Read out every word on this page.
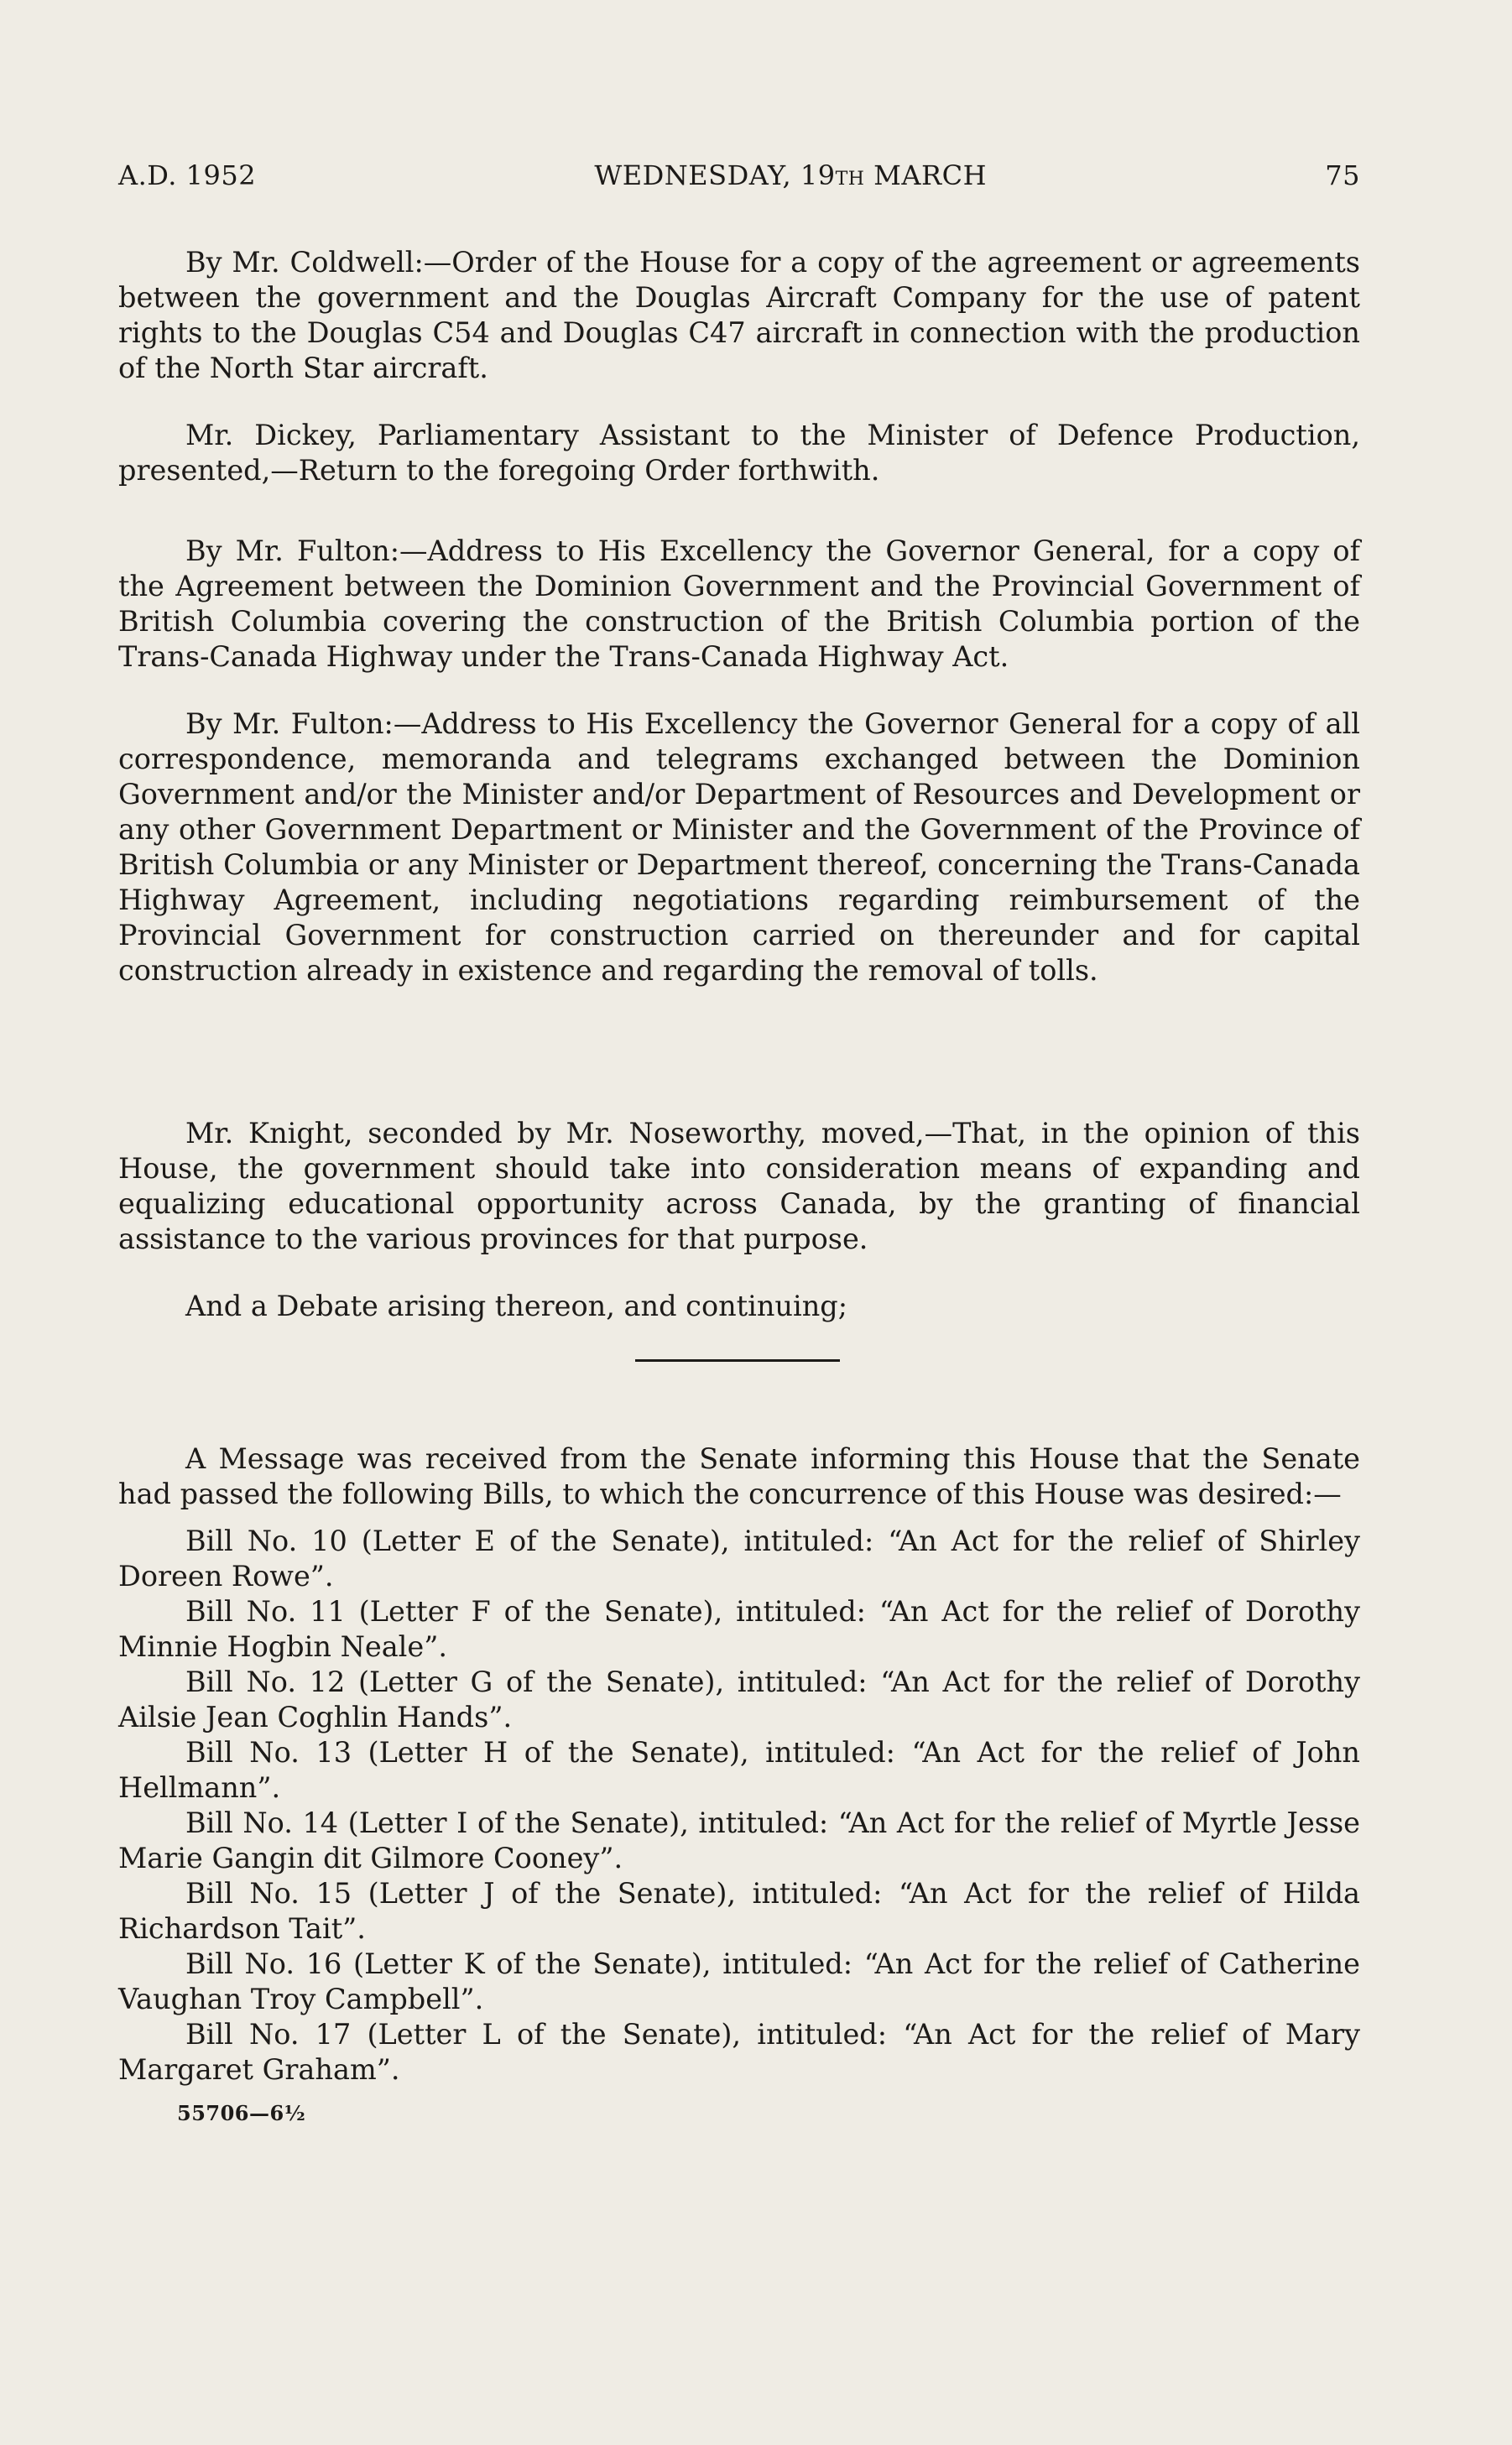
A.D. 1952	WEDNESDAY, 19TH MARCH	75

By Mr. Coldwell:—Order of the House for a copy of the agreement or agreements between the government and the Douglas Aircraft Company for the use of patent rights to the Douglas C54 and Douglas C47 aircraft in connection with the production of the North Star aircraft.

Mr. Dickey, Parliamentary Assistant to the Minister of Defence Production, presented,—Return to the foregoing Order forthwith.

By Mr. Fulton:—Address to His Excellency the Governor General, for a copy of the Agreement between the Dominion Government and the Provincial Government of British Columbia covering the construction of the British Columbia portion of the Trans-Canada Highway under the Trans-Canada Highway Act.

By Mr. Fulton:—Address to His Excellency the Governor General for a copy of all correspondence, memoranda and telegrams exchanged between the Dominion Government and/or the Minister and/or Department of Resources and Development or any other Government Department or Minister and the Government of the Province of British Columbia or any Minister or Department thereof, concerning the Trans-Canada Highway Agreement, including negotiations regarding reimbursement of the Provincial Government for construction carried on thereunder and for capital construction already in existence and regarding the removal of tolls.

Mr. Knight, seconded by Mr. Noseworthy, moved,—That, in the opinion of this House, the government should take into consideration means of expanding and equalizing educational opportunity across Canada, by the granting of financial assistance to the various provinces for that purpose.

And a Debate arising thereon, and continuing;

A Message was received from the Senate informing this House that the Senate had passed the following Bills, to which the concurrence of this House was desired:—

Bill No. 10 (Letter E of the Senate), intituled: “An Act for the relief of Shirley Doreen Rowe”.

Bill No. 11 (Letter F of the Senate), intituled: “An Act for the relief of Dorothy Minnie Hogbin Neale”.

Bill No. 12 (Letter G of the Senate), intituled: “An Act for the relief of Dorothy Ailsie Jean Coghlin Hands”.

Bill No. 13 (Letter H of the Senate), intituled: “An Act for the relief of John Hellmann”.

Bill No. 14 (Letter I of the Senate), intituled: “An Act for the relief of Myrtle Jesse Marie Gangin dit Gilmore Cooney”.

Bill No. 15 (Letter J of the Senate), intituled: “An Act for the relief of Hilda Richardson Tait”.

Bill No. 16 (Letter K of the Senate), intituled: “An Act for the relief of Catherine Vaughan Troy Campbell”.

Bill No. 17 (Letter L of the Senate), intituled: “An Act for the relief of Mary Margaret Graham”.

55706—6½
